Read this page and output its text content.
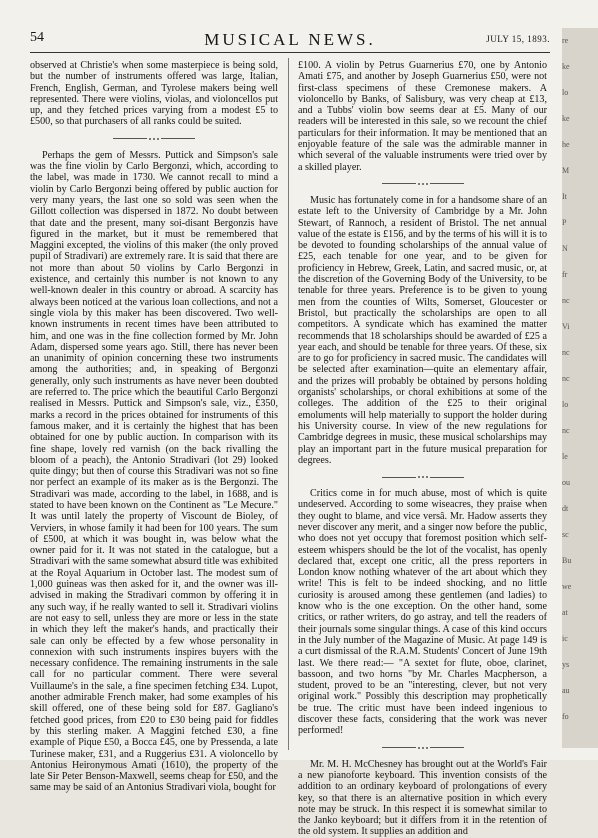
54	MUSICAL NEWS.	JULY 15, 1893.

observed at Christie's when some masterpiece is being sold, but the number of instruments offered was large, Italian, French, English, German, and Tyrolese makers being well represented. There were violins, violas, and violoncellos put up, and they fetched prices varying from a modest £5 to £500, so that purchasers of all ranks could be suited.

Perhaps the gem of Messrs. Puttick and Simpson's sale was the fine violin by Carlo Bergonzi, which, according to the label, was made in 1730. We cannot recall to mind a violin by Carlo Bergonzi being offered by public auction for very many years, the last one so sold was seen when the Gillott collection was dispersed in 1872. No doubt between that date and the present, many soi-disant Bergonzis have figured in the market, but it must be remembered that Maggini excepted, the violins of this maker (the only proved pupil of Stradivari) are extremely rare. It is said that there are not more than about 50 violins by Carlo Bergonzi in existence, and certainly this number is not known to any well-known dealer in this country or abroad. A scarcity has always been noticed at the various loan collections, and not a single viola by this maker has been discovered. Two well-known instruments in recent times have been attributed to him, and one was in the fine collection formed by Mr. John Adam, dispersed some years ago. Still, there has never been an unanimity of opinion concerning these two instruments among the authorities; and, in speaking of Bergonzi generally, only such instruments as have never been doubted are referred to. The price which the beautiful Carlo Bergonzi realised in Messrs. Puttick and Simpson's sale, viz., £350, marks a record in the prices obtained for instruments of this famous maker, and it is certainly the highest that has been obtained for one by public auction. In comparison with its fine shape, lovely red varnish (on the back rivalling the bloom of a peach), the Antonio Stradivari (lot 29) looked quite dingy; but then of course this Stradivari was not so fine nor perfect an example of its maker as is the Bergonzi. The Stradivari was made, according to the label, in 1688, and is stated to have been known on the Continent as "Le Mecure." It was until lately the property of Viscount de Bioley, of Verviers, in whose family it had been for 100 years. The sum of £500, at which it was bought in, was below what the owner paid for it. It was not stated in the catalogue, but a Stradivari with the same somewhat absurd title was exhibited at the Royal Aquarium in October last. The modest sum of 1,000 guineas was then asked for it, and the owner was ill-advised in making the Stradivari common by offering it in any such way, if he really wanted to sell it. Stradivari violins are not easy to sell, unless they are more or less in the state in which they left the maker's hands, and practically their sale can only be effected by a few whose personality in connexion with such instruments inspires buyers with the necessary confidence. The remaining instruments in the sale call for no particular comment. There were several Vuillaume's in the sale, a fine specimen fetching £34. Lupot, another admirable French maker, had some examples of his skill offered, one of these being sold for £87. Gagliano's fetched good prices, from £20 to £30 being paid for fiddles by this sterling maker. A Maggini fetched £30, a fine example of Pique £50, a Bocca £45, one by Pressenda, a late Turinese maker, £31, and a Ruggerius £31. A violoncello by Antonius Heironymous Amati (1610), the property of the late Sir Peter Benson-Maxwell, seems cheap for £50, and the same may be said of an Antonius Stradivari viola, bought for

£100. A violin by Petrus Guarnerius £70, one by Antonio Amati £75, and another by Joseph Guarnerius £50, were not first-class specimens of these Cremonese makers. A violoncello by Banks, of Salisbury, was very cheap at £13, and a Tubbs' violin bow seems dear at £5. Many of our readers will be interested in this sale, so we recount the chief particulars for their information. It may be mentioned that an enjoyable feature of the sale was the admirable manner in which several of the valuable instruments were tried over by a skilled player.

Music has fortunately come in for a handsome share of an estate left to the University of Cambridge by a Mr. John Stewart, of Rannoch, a resident of Bristol. The net annual value of the estate is £156, and by the terms of his will it is to be devoted to founding scholarships of the annual value of £25, each tenable for one year, and to be given for proficiency in Hebrew, Greek, Latin, and sacred music, or, at the discretion of the Governing Body of the University, to be tenable for three years. Preference is to be given to young men from the counties of Wilts, Somerset, Gloucester or Bristol, but practically the scholarships are open to all competitors. A syndicate which has examined the matter recommends that 18 scholarships should be awarded of £25 a year each, and should be tenable for three years. Of these, six are to go for proficiency in sacred music. The candidates will be selected after examination—quite an elementary affair, and the prizes will probably be obtained by persons holding organists' scholarships, or choral exhibitions at some of the colleges. The addition of the £25 to their original emoluments will help materially to support the holder during his University course. In view of the new regulations for Cambridge degrees in music, these musical scholarships may play an important part in the future musical preparation for degrees.

Critics come in for much abuse, most of which is quite undeserved. According to some wiseacres, they praise when they ought to blame, and vice versâ. Mr. Hadow asserts they never discover any merit, and a singer now before the public, who does not yet occupy that foremost position which self-esteem whispers should be the lot of the vocalist, has openly declared that, except one critic, all the press reporters in London know nothing whatever of the art about which they write! This is felt to be indeed shocking, and no little curiosity is aroused among these gentlemen (and ladies) to know who is the one exception. On the other hand, some critics, or rather writers, do go astray, and tell the readers of their journals some singular things. A case of this kind occurs in the July number of the Magazine of Music. At page 149 is a curt dismissal of the R.A.M. Students' Concert of June 19th last. We there read:— "A sextet for flute, oboe, clarinet, bassoon, and two horns "by Mr. Charles Macpherson, a student, proved to be an "interesting, clever, but not very original work." Possibly this description may prophetically be true. The critic must have been indeed ingenious to discover these facts, considering that the work was never performed!

Mr. M. H. McChesney has brought out at the World's Fair a new pianoforte keyboard. This invention consists of the addition to an ordinary keyboard of prolongations of every key, so that there is an alternative position in which every note may be struck. In this respect it is somewhat similar to the Janko keyboard; but it differs from it in the retention of the old system. It supplies an addition and

re
ke
lo
ke
he
M
It
P
N
fr
nc
Vi
nc
nc
lo
nc
le
ou
dt
sc
Bu
we
at
ic
ys
au
fo
